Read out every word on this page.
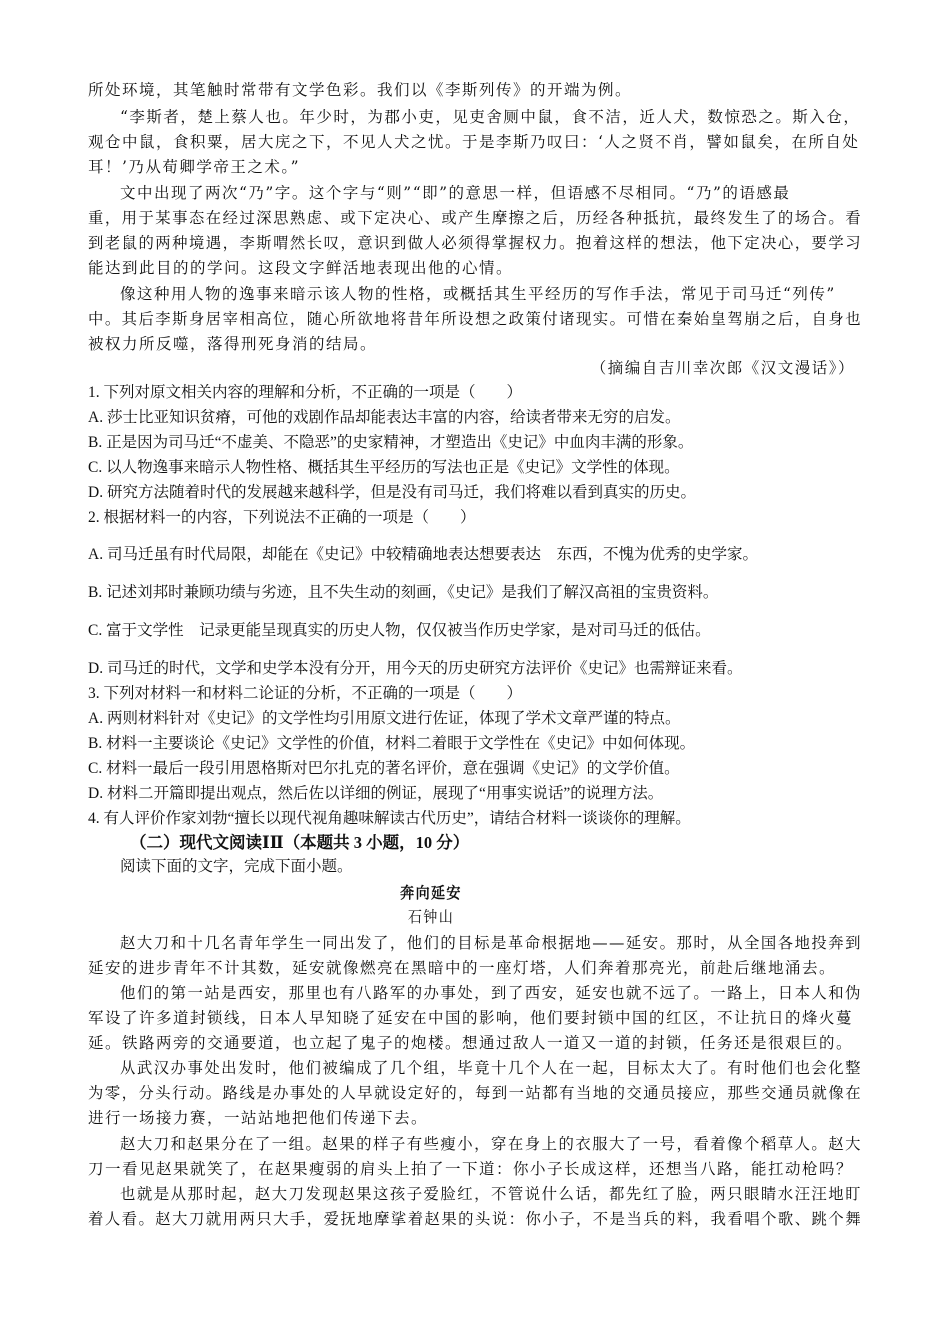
所处环境，其笔触时常带有文学色彩。我们以《李斯列传》的开端为例。
“李斯者，楚上蔡人也。年少时，为郡小吏，见吏舍厕中鼠，食不洁，近人犬，数惊恐之。斯入仓，
观仓中鼠，食积粟，居大庑之下，不见人犬之忧。于是李斯乃叹曰：‘人之贤不肖，譬如鼠矣，在所自处
耳！’乃从荀卿学帝王之术。”
文中出现了两次“乃”字。这个字与“则”“即”的意思一样，但语感不尽相同。“乃”的语感最
重，用于某事态在经过深思熟虑、或下定决心、或产生摩擦之后，历经各种抵抗，最终发生了的场合。看
到老鼠的两种境遇，李斯喟然长叹，意识到做人必须得掌握权力。抱着这样的想法，他下定决心，要学习
能达到此目的的学问。这段文字鲜活地表现出他的心情。
像这种用人物的逸事来暗示该人物的性格，或概括其生平经历的写作手法，常见于司马迁“列传”
中。其后李斯身居宰相高位，随心所欲地将昔年所设想之政策付诸现实。可惜在秦始皇驾崩之后，自身也
被权力所反噬，落得刑死身消的结局。
（摘编自吉川幸次郎《汉文漫话》）
1. 下列对原文相关内容的理解和分析，不正确的一项是（　　）
A. 莎士比亚知识贫瘠，可他的戏剧作品却能表达丰富的内容，给读者带来无穷的启发。
B. 正是因为司马迁“不虚美、不隐恶”的史家精神，才塑造出《史记》中血肉丰满的形象。
C. 以人物逸事来暗示人物性格、概括其生平经历的写法也正是《史记》文学性的体现。
D. 研究方法随着时代的发展越来越科学，但是没有司马迁，我们将难以看到真实的历史。
2. 根据材料一的内容，下列说法不正确的一项是（　　）
A. 司马迁虽有时代局限，却能在《史记》中较精确地表达想要表达　东西，不愧为优秀的史学家。
B. 记述刘邦时兼顾功绩与劣迹，且不失生动的刻画，《史记》是我们了解汉高祖的宝贵资料。
C. 富于文学性　记录更能呈现真实的历史人物，仅仅被当作历史学家，是对司马迁的低估。
D. 司马迁的时代，文学和史学本没有分开，用今天的历史研究方法评价《史记》也需辩证来看。
3. 下列对材料一和材料二论证的分析，不正确的一项是（　　）
A. 两则材料针对《史记》的文学性均引用原文进行佐证，体现了学术文章严谨的特点。
B. 材料一主要谈论《史记》文学性的价值，材料二着眼于文学性在《史记》中如何体现。
C. 材料一最后一段引用恩格斯对巴尔扎克的著名评价，意在强调《史记》的文学价值。
D. 材料二开篇即提出观点，然后佐以详细的例证，展现了“用事实说话”的说理方法。
4. 有人评价作家刘勃“擅长以现代视角趣味解读古代历史”，请结合材料一谈谈你的理解。
（二）现代文阅读ⅠⅡ（本题共 3 小题，10 分）
阅读下面的文字，完成下面小题。
奔向延安
石钟山
赵大刀和十几名青年学生一同出发了，他们的目标是革命根据地——延安。那时，从全国各地投奔到
延安的进步青年不计其数，延安就像燃亮在黑暗中的一座灯塔，人们奔着那亮光，前赴后继地涌去。
他们的第一站是西安，那里也有八路军的办事处，到了西安，延安也就不远了。一路上，日本人和伪
军设了许多道封锁线，日本人早知晓了延安在中国的影响，他们要封锁中国的红区，不让抗日的烽火蔓
延。铁路两旁的交通要道，也立起了鬼子的炮楼。想通过敌人一道又一道的封锁，任务还是很艰巨的。
从武汉办事处出发时，他们被编成了几个组，毕竟十几个人在一起，目标太大了。有时他们也会化整
为零，分头行动。路线是办事处的人早就设定好的，每到一站都有当地的交通员接应，那些交通员就像在
进行一场接力赛，一站站地把他们传递下去。
赵大刀和赵果分在了一组。赵果的样子有些瘦小，穿在身上的衣服大了一号，看着像个稻草人。赵大
刀一看见赵果就笑了，在赵果瘦弱的肩头上拍了一下道：你小子长成这样，还想当八路，能扛动枪吗？
也就是从那时起，赵大刀发现赵果这孩子爱脸红，不管说什么话，都先红了脸，两只眼睛水汪汪地盯
着人看。赵大刀就用两只大手，爱抚地摩挲着赵果的头说：你小子，不是当兵的料，我看唱个歌、跳个舞
